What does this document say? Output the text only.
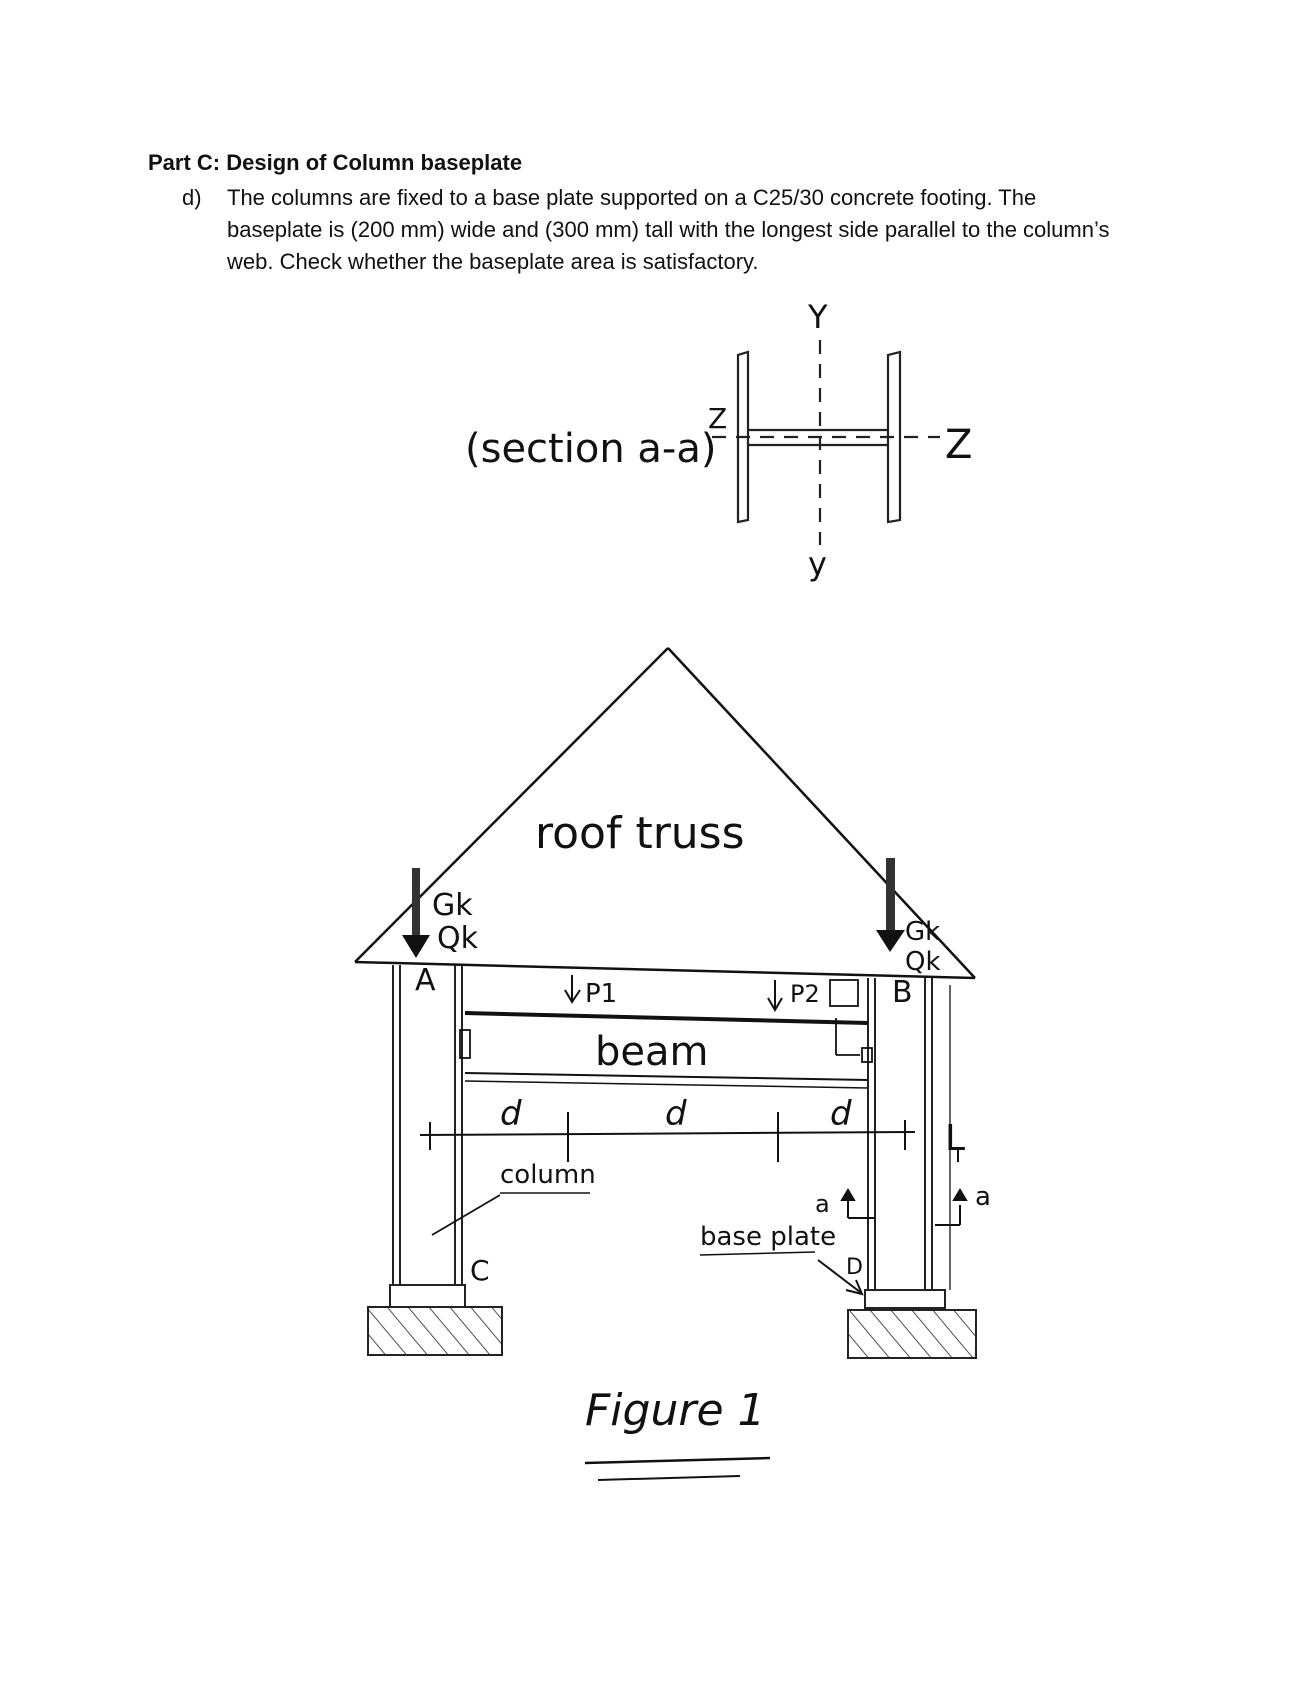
Part C: Design of Column baseplate
d) The columns are fixed to a base plate supported on a C25/30 concrete footing. The baseplate is (200 mm) wide and (300 mm) tall with the longest side parallel to the column’s web. Check whether the baseplate area is satisfactory.
(section a-a)
Y
y
Z
Z
roof truss
Gk
Qk	Gk
Qk
A	B
beam
P1	P2
d	d	d
L
column
C
a	a
base plate
D
Figure 1
